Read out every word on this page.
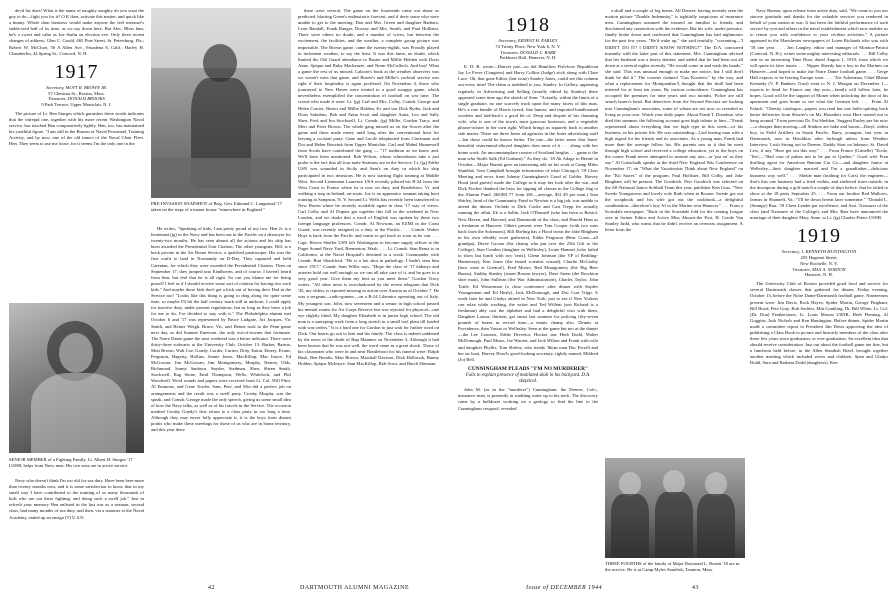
devil his dues! What is the name of naughty naughty do you want the guy to do—fight you for it? O K then, activate this matter, and quick like a bunny. Whole darn business would make anyone the feel measure's stable-ized half of its time, as we say down here. But Alec, Bless him, he's a sweet and calm as Joe Stalin on election eve. Only three recent changes of address: Glen C. Gould, 465 Pine Street, St. Petersburg, Fla.; Robert W. McClure, 56 A Allen Ave., Pasadena 8, Calif.; Harley H. Chamberlin, 44 Spring St., Concord, N. H.

1917
Secretary, MOTT R. BROWN JR.
57 Chestnut St., Boston, Mass.
Treasurer, DONALD BROOKS
9 Park Terrace, Upper Montclair, N. J.

The picture of Lt. Hen Sturges which garnishes these words indicates that the intrepid one, together with his more recent Washington Naval service, has touched Hen comparatively lightly. Hen, too, has maintained his youthful figure. "I am still in the Bureau of Naval Personnel, Training Activity, and by now, one of the old timers of the Naval Chair Fleet. Hen. They seem to use me loose, for it seems I'm the only one in the

SENIOR MEMBER of a Fighting Family, Lt. Albert H. Sturges '17 USNR, helps from Navy men. His two sons are in active service.

Navy who doesn't think I'm too old for sea duty. Have been here more than twenty months now, and it is some satisfaction to know that in my small way I have contributed to the training of so many thousands of kids who are out there fighting, and doing such a swell job." Just in refresh your memory Hen enlisted in the last war as a seaman, second class, had many months of sea duty, and then, via a summer at the Naval Academy, ended up an ensign (T) U.S.N.

PRE-INVASION SNAPSHOT of Brig. Gen. Edmund C. Langmead '17 taken on the steps of a manor house "somewhere in England."

He writes, "Speaking of kids, I am pretty proud of my two. Hen Jr. is a lieutenant (jg) in the Navy and has been out in the Pacific on a destroyer for twenty-two months. He has seen almost all the actions and his ship has been awarded the Presidential Unit Citation. The other youngster, Bill, is a buck private in the Air Borne Service, a qualified paratrooper. His was the first outfit to land in Normandy on D-Day. They captured and held Carentan, for which they were awarded the Presidential Citation. Then on September 17, they jumped into Eindhoven, and of course, I haven't heard from him, but feel that he is all right. So can you blame me for being proud? I feel as if I should receive some sort of citation for having two such kids." And maybe those kids don't get a kick out of having their Dad in the Service too! "Looks like this thing is going to drag along for quite some time, so maybe I'll hit the half century mark still in uniform. I could apply for inactive duty, under present regulations, but as long as they have a job for me to do, I've decided to stay with it." The Philadelphia alumni met October 6 and '17 was represented by Bruce Ludgate, Art Jacques, Vic Smith, and Heinie Weigh. Bruce, Vic, and Heinie took in the Penn game next day, as did Sumner Emerson, the only out-of-towner that fortunate. The Notre Dame game the next weekend was a better indicator. There were thirty-three stalwarts at the University Club, October 13: Barker, Barton, Mott Brown, Walt Coe, Gondy, Corder, Currier, Doty, Eaton, Emery, Evans, Ferguson, Hagerty, Hollins, Jennie Jones, MacKillop, Mac Intyre, Ed McGowan, Jim McGowan, Jim Montgomery, Murphy, Nearey, Olds, Richmond, Sonny Sanborn, Snyder, Stedman, Shea, Sheen Smith, Stockwell, Rag Stone, Emil Thompson, Wells, Whitelock, and Phil Woodwell. Word rounds and papers were received from Lt. Col. Will Flint, Al Emmons, and Gene Towler. Sam, Pete, and Win did a perfect job on arrangements and the result was a swell party. Crosby Murphy was the speak, and Comdr. George made the only speech, giving us some small idea of how the Navy talks, as well as of his travels in the Service. The occasion marked Crosby Gondy's first return to a class party in too long a time. Although they may never fully appreciate it, it is the boys from distant points who make these meetings for those of us who are in home territory, and this year there

there were several. The game on the fourteenth came out about as predicted, blasting Green's enthusiastic forecast, and if drew some who were unable to get to the meeting: Don and Mrs. Green and daughter Barbara, Leon Randall, Frank Ranger, Doxsey and Mrs. Smith, and Paul Hollister. There were others no doubt, and a number of wives, but between the excitement, the facilities, and the weather, a complete group picture was impossible. The Brown game, came the twenty-eighth, was Proudly played in inclement weather, to say the least. It was this fame, no doubt, which limited the Old Guard attendance to Buster and Millie Holden with Doris Anne, Spique and Ruby Mackenzie, and Norm McCulloch. And boy! What a game the rest of us missed. Cahoon's book at the weather observers was we weren't miss that game, and Buster's and Millie's cocktail service was right if their hospitality is again proffered. On November 4, those who journeyed to New Haven were treated to a good scrappy game, which nevertheless exemplified the concentration of football on war time. The crowd who made it were: Lt. (jg) Carl and Mrs. Colby, Comdr. George and Helen Currier, Buster and Millie Holden, Ev and son Dick Ryder, Jack and Doris Saladino, Bob and Anita Scott and daughter Anita, Leo and Sally Shea, Ferd and Ina Stockwell, Lt. Comdr. (jg) Millie, Gordon Tracy, and Mert and Peter Brown. The whole gang missed us on the Scores after the game and there made merry until long after the conventional hour for leaving a cocktail party. Gene and Lucile telephoned from Cincinnati and Dot and Helen Bouvink from Upper Montclair. Carl and Mabel Hunnewell from Scotts have contributed the gang — "17 tradition as we know and. We'll have been mentioned. Bob Wilson, whose whereabouts take a just probe is the fact that all four male Strattons are in the Service. Lt. (jg) Eddie USN was wounded in Sicily and Sam's on duty in which his ship participated in two invasions. He is now starting flight training at Middle West. Second Lieutenant Laurence USA recently piloted his B-24 from the West Coast to France where he is now on duty, and Brattleboro, Vt. and walking a step in Ireland, en-route. Joe is an apprentice seaman taking boot training at Sampson, N. Y. Second Lt. Wells has recently been transferred to New Haven where he recently available again in class '17 way of views. Carl Colby and Al Dupuis got together this fall in the weekend in New London, and we doubt that a word of English was spoken by these two foreign language professors. Comdr. Al Newsom, an EZMI in the Coast Guard, was recently assigned to a duty in the Pacific. . . . Comdr. Walter Hoyt is back from the Pacific and wants to get back as soon as he can. . . . Capt. Howie Shaffer USN left Washington to become supply officer at the Puget Sound Navy Yard, Bremerton, Wash. . . . Lt. Comdr. Stan Rentz is in California, at the Naval Hospital's destined to a weak. Commander with Comdr. Burt Shackford. "He is a hot shot in pathology. I hadn't seen him since 1917," Comdr. Sam Willis says. "Hope the class of '17 kidneys and arteries hold out well enough so we can all take care of it, and he goes to a very good year. Give them my best as you meet them." Gordon Tracy writes, "All other news is overshadowed by the recent telegram that Dick '45, my oldest, is reported missing in action over Austria as of October 7. He was a sergeant—radio-gunner—on a B-24 Liberator operating out of Italy. My youngest son, John, now seventeen and a senior in high school passed his mental exams for Air Corps Reserve but was rejected for physical—one eye slightly blind. My daughter Elizabeth is in junior high school. The old man is a suntyping work from a long stretch in a small tool plant till loaded with war orders." It is a hard one for Gordon to just wait for further word on Dick. Our hearts go out to him and his family. The class is indeed saddened by the news of the death of Hap Manners on November 3. Although it had been known that he was not well, the word came as a great shock. Those of his classmates who were in and near Brattleboro for his funeral were: Ralph Bush, Ben Brooks, Mott Brown, Marshall Davison, Dick Holbrook, Bunny Holden, Spique McIntyre, Stan MacKillop, Bob Scott, and Butch Sherman.

42	DARTMOUTH ALUMNI MAGAZINE
1918
Secretary, ERNEST H. EARLEY
74 Trinity Place, New York 6, N. Y.
Treasurer, DONALD L. BARR
Parkhurst Hall, Hanover, N. H.

E. D. R. wrote—Denver just—so did Hamilton Fish-how Republican Jay Le Fevre (Congress) and Harry Collins (Judge) stick along with Clare Luce. Oh, that gone Editor (last issue) Stanley Jones, could see this column out every time! The claim is indebted to you, Stanley. In Gallery, appearing regularly in Advertising and Selling (usually edited by Stanley) there appeared some time ago the sketch of Stan: "Actually, within the limits of a single graduate, no one scarcely truck upon the many facets of this man. He's a rare bundle of Harris tweed, fine humor, and imported handloomed woolens and laid-back's a good bit of. Deep and despite of his charming wife, who is one of the town's most gracious hostesses, and a vegetable phrase-twister in her own right. Which brings us squarely back to another side matter. There are three Jones ad agencies in the Jones advertising stuff—but those could he knows better. The one—the latter sense that Jones' beautiful sisterennial-alloyed daughter does most of it . . . along with her home work. An uncommonplace rooster of Scotland heights . . . game is the man who Stuffs Salk (Ed Graham)." As they do, '18 Ak Adage to Bernie in October—Major Barrett gave an interesting talk on his work at Camp Miles Standish. Tom Campbell brought information of what Chicago's '18 Class Meeting and news from Johnny Cunningham's Good of Goblet. Harvey Hood (and guests) made the College as it may her look after the war, and Dick Fischer thanked the boys for tipping all classes in the College flag to the Alumni Fund. ($8,881.77 from 281—average, $31.49 per man.) Tom Shirley, head of the Community Fund in Newton is a big job, was unable to attend the dinner. Orchids to Dick Cooke and Cast Trepp for actually running the affair. Ek is a Sallin, Jack O'Donnell (who has been to Bristol, New Haven, and Harvard, and Dartmouth of the class, and Harold Haas as a freshman at Hanover. Others present were Tom Cooper (with two sons back from the Solomons), Bill Ebeling has a Hood sweat the Jake Bingham in his own reliably wore gatherers), Eddie Ferguson (Bear Coast—all grandpa), Doree Gavaar (the champ who put over the 25th Gift to the College), Stan Condon (daughter in Wellesley), Louie Hamnet (who failed to show but lunch with two 'tests), Glenn Johnson (the VP of Redding-Hennessey), Ken Jones (the famed scientist wizard), Charlie McCarthy (how went at Grenon!), Fred Moore, Red Montgomery (the Big Beer Bunos), Stubby Stanley (smart Boston lawyer), Dave Stone (the Brockton shoe man), John Sullivan (the War Administration), Charles Taylor, John Tottle, Ed Wasserman (a close conference after dinner with Snyder Youngerman and Ed Healy), Jack McDonough, and Doc Curt Tripp. A week later he and Gladys attired in New York, just to see if New Yorkers can relax while working, the writer and Ted Willem (son Richard is a freshman) ably cast the alphabet and had a delightful visit with them. Daughter Louisa, thirteen, got smart last summer for policing fifty-seven pounds of beans in record time—a tennis champ also. Dennis at Providence, then Vassar or Wellesley. Seen at the game but not at the dinner—the Lee Cousens, Eddie Drevetor, Hocker star Herb Dodd, Walter McDonough, Paul Mears, Joe Warren, and Jack Wilton and Frank with wife and daughter Phyllis. Tom Shirley, who steady 'Skins man Doc Ferrell and her tar boat, Harvey Hood's good-looking secretary, rightly named, Mildred (Jo) Bell.

CUNNINGHAM PLEADS "I'M NO MURDERER"
Fails to explain presence of mutilated skull in his backyard. D.A. skeptical.

John M. (as in the "murderer") Cunningham, the Denver, Colo., insurance man, is presently in wadding water up to his neck. The discovery came by a bulldozer working on a geology to find the line to the Cunningham cesspool, revealed

a skull and a couple of leg bones. All Denver, having recently seen the motion picture "Double Indemnity," is rightfully suspicious of insurance men. Cunningham assumed the insured air familiar to friends, and disclaimed any connection with the evidence. But his wife, under pressure, finally broke down and confessed that Cunningham has had nightmares for the past few years. "He'd wake up," she said tearfully, "screaming—'I DIDN'T DO IT! I DIDN'T KNOW NOTHING!'" The D.A. concurred instantly with the latter part of this statement. Mrs. Cunningham advised that her husband was a heavy drinker, and added that he had been out all down at a several nights recently. "He would come in and wash his hands," she said. This was unusual enough to make me notice, but I still don't think he did it." The coroner claimed "Gus Kooreen," by the way, and what a replacement for Monipanthas!) thought that the skull had been interred for at least ten years. By curious coincidence, Cunningham has occupied the premises for nine years and two months. Police are still search bones's head. But detectives from the Second Precinct are looking into Cunningham's associates, some of whom are not now so revealed as living as your own. Watch your daily paper. About Frank T. Donohue, who died this summer, the following account goes high tribute to him—"Frank represented about everything that we high type in this week—of his business, in his private life. He was outstanding—God fearing man with a high regard for his friends and its associates. As a young man, Frank had more than the average follow his. His parents saw to it that he went through high school and received a college education, yet to the boys on the corner Frank never attempted to assume any airs—or 'put on' as they say." Al Gottschalk speaks at the third New England War Conference on November 17, on "What the Vacationists Think about New England" on the "Kit Stores" of the program. Paul Hollister, Bill Colby, and Jake Bingham will be present. The Goodrich. Pest Goodrich was selected on the All-National Janice Softball Team this year, publisher Ken Goss, "New Swede Youngstown and lovely wife Ruth when in Boston. Swede got out the scrapbook and his wife got out the cookbook—a delightful combination—therefore's boy AI in the Marine sent Hanover." . . . From a Scotsdale newspaper, "Back in the Scarsdale fold for the coming League race in former Editor and Active Miss Almost-the Post, H. Conde Van Stanley Judd, who wants that he didn't receive an overseas assignment. A letter from the

Navy Bureau, upon release from active duty, said, "We come to you our sincere gratitude and thanks for the valuable services you rendered in behalf of your nation at war. It has been the faithful performance of such service by you and others in the naval establishment which now enables us to return you with confidence to your civilian activities." A picture appeared in the Manchester newspapers of Loren Richards who was with '18 one year. . . . Jim Langley, editor and manager of Monitor-Patriot (Concord, N. H.), writes some mighty interesting editorials. . . . Bill Colby sent in an interesting Time Roar, dated August 1, 1919, from which we will quote its later issues. . . . Nipper Sheedy has a boy in the Marines on Hanover—and hoped to make the Notre Dame football game. . . . Gerge Hall expects to be leaving Europe soon. . . . "Joe Ackerman, Chief Blaine Kennedy (V. P. Bankers Trust) went to N. J. Morgan on December 1—expects to head for France any day now—family will follow later, he hopes. Good will be the support of Monet when unlocking the door of his apartment and goes home to see what the German left. . . . From Al Faluck. "Obesity catalogue—papers you read but one hollo-quitting back better deliveries from Shorter's on Mr. Hounders west Here started out to hang around." From previous Dr. Fat Sheldon, 'Suggest Easley per his now—a cheaper than moving—all Stinhoo are bake and bacon—Daryl, oldest boy, in Field Artillery in South Pacific; Ruey, youngest, last year in Dartmouth, now in Hotchkiss after furlough unless from Weather Interview. Lrish Strong out in Denver, Daddy Strat on Inkmoo; St. David Lew, if any "Here get out this way." . . . From France (Grinelle) "Ecole, 'Ten';—"Bad case of pulses not to be put to Quebec." Good wife Fran thrilling agent for American Bantam Car Co.—and daughter Janice at Wellesley—their daughter married and I'm a grandfather—delicious business way well." . . . Shelde man (nothing for Cars) the engineer—that's this one business had a fired within, and sheltered from outside, in the downpour during a golf match a couple of days before, that he failed to show at the 18 party Septurber 25. . . . From our brother Red Mallows, farmer in Shannell, Va.: "I'll be down hereat later sometime." "Donald L. (Stumpy) Barr, '18 Cheer Leader par excellence, and Asst. Treasurer of the class (and Treasurer of the College), and Mrs. Barr have announced the marriage of their daughter Mary Anne, to Lt. (jg) Charles Peters USNR.

1919
Secretary, J. KENNETH HUNTINGTON
255 Hugenot Street,
New Rochelle, N. Y.
Treasurer, MAX A. NORTON
Hanover, N. H.

The University Club of Boston provided good food and service for several Dartmouth classes that gathered for dinner, Friday evening, October 13, before the Notre Dame-Dartmouth football game. Nineteeners present were: Jim Davis, Rock Hayes, Spider Martin, George Pingham, Bill Hood, Pete Gray, Bob Sechler, Min Conkling, Dr. Bill White, Lt. Col. (Dr. Don) Featherstone, Lt. Louis Maxon USNR, Herb Fleming, Al Goggins, Josh Nichols and Ken Huntington. Before dinner, Spider Martin made a committee report to President Jim Davis approving the idea of publishing a Class Book to picture and historify members of the class after these few years since graduation, or ever graduation. An excellent idea that should receive consideration. Just out about the football game are fine, but a luncheon held before, in the Allen Standish Hotel, brought together another meeting which included wives and children. Spen and Gladys Dodd, Sara and Barbara Dodd (daughters), Ken

THREE FOURTHS of the family of Major Raymond L. Bonett '18 are in the service. He is at Camp Myles Standish, Taunton, Mass.
Issue of DECEMBER 1944	43
